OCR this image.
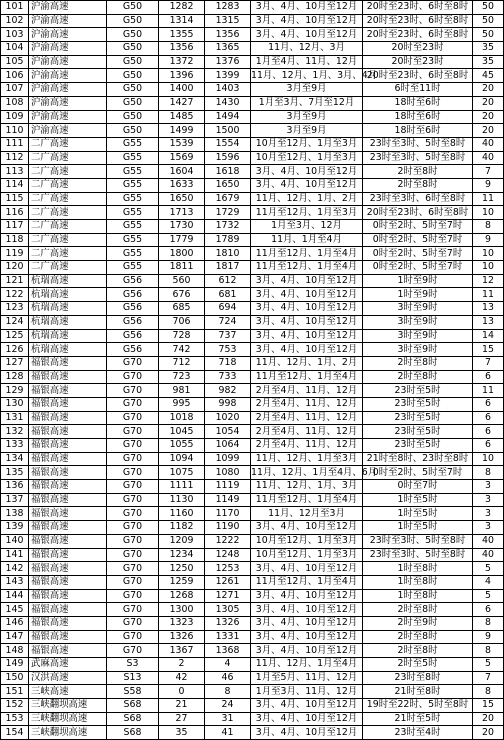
101	沪渝高速	G50	1282	1283	3月、4月、10月至12月	20时至23时、6时至8时	50
102	沪渝高速	G50	1314	1315	3月、4月、10月至12月	20时至23时、6时至8时	50
103	沪渝高速	G50	1355	1356	3月、4月、10月至12月	20时至23时、6时至8时	50
104	沪渝高速	G50	1356	1365	11月、12月、3月	20时至23时	35
105	沪渝高速	G50	1372	1376	1月至4月、11月、12月	20时至23时	35
106	沪渝高速	G50	1396	1399	11月、12月、1月、3月、4月	20时至23时、6时至8时	45
107	沪渝高速	G50	1400	1403	3月至9月	6时至11时	20
108	沪渝高速	G50	1427	1430	1月至3月、7月至12月	18时至6时	20
109	沪渝高速	G50	1485	1494	3月至9月	18时至6时	20
110	沪渝高速	G50	1499	1500	3月至9月	18时至6时	20
111	二广高速	G55	1539	1554	10月至12月、1月至3月	23时至3时、5时至8时	40
112	二广高速	G55	1569	1596	10月至12月、1月至3月	23时至3时、5时至8时	40
113	二广高速	G55	1604	1618	3月、4月、10月至12月	2时至8时	7
114	二广高速	G55	1633	1650	3月、4月、10月至12月	2时至8时	9
115	二广高速	G55	1650	1679	11月、12月、1月、2月	23时至3时、6时至8时	11
116	二广高速	G55	1713	1729	11月至12月、1月至3月	20时至23时、6时至8时	10
117	二广高速	G55	1730	1732	1月至3月、12月	0时至2时、5时至7时	8
118	二广高速	G55	1779	1789	11月、1月至4月	0时至2时、5时至7时	9
119	二广高速	G55	1800	1810	11月至12月、1月至4月	0时至2时、5时至7时	10
120	二广高速	G55	1811	1817	11月至12月、1月至4月	0时至2时、5时至7时	10
121	杭瑞高速	G56	560	612	3月、4月、10月至12月	1时至9时	12
122	杭瑞高速	G56	676	681	3月、4月、10月至12月	1时至9时	11
123	杭瑞高速	G56	685	694	3月、4月、10月至12月	3时至9时	13
124	杭瑞高速	G56	706	724	3月、4月、10月至12月	3时至9时	13
125	杭瑞高速	G56	728	737	3月、4月、10月至12月	3时至9时	14
126	杭瑞高速	G56	742	753	3月、4月、10月至12月	3时至9时	15
127	福银高速	G70	712	718	11月、12月、1月、2月	2时至8时	7
128	福银高速	G70	723	733	11月至12月、1月至4月	2时至8时	6
129	福银高速	G70	981	982	2月至4月、11月、12月	23时至5时	11
130	福银高速	G70	995	998	2月至4月、11月、12月	23时至5时	6
131	福银高速	G70	1018	1020	2月至4月、11月、12月	23时至5时	6
132	福银高速	G70	1045	1054	2月至4月、11月、12月	23时至5时	6
133	福银高速	G70	1055	1064	2月至4月、11月、12月	23时至5时	6
134	福银高速	G70	1094	1099	11月、12月、1月至3月	21时至8时、23时至8时	10
135	福银高速	G70	1075	1080	11月、12月、1月至4月、6月	0时至2时、5时至7时	8
136	福银高速	G70	1111	1119	11月、12月、1月、3月	0时至7时	3
137	福银高速	G70	1130	1149	11月至12月、1月至4月	1时至5时	3
138	福银高速	G70	1160	1170	11月、12月至3月	1时至5时	3
139	福银高速	G70	1182	1190	3月、4月、10月至12月	1时至5时	3
140	福银高速	G70	1209	1222	10月至12月、1月至3月	23时至3时、5时至8时	40
141	福银高速	G70	1234	1248	10月至12月、1月至3月	23时至3时、5时至8时	40
142	福银高速	G70	1250	1253	3月、4月、10月至12月	1时至8时	5
143	福银高速	G70	1259	1261	11月至12月、1月至4月	1时至8时	4
144	福银高速	G70	1268	1271	3月、4月、10月至12月	1时至8时	5
145	福银高速	G70	1300	1305	3月、4月、10月至12月	2时至8时	6
146	福银高速	G70	1323	1326	3月、4月、10月至12月	2时至9时	8
147	福银高速	G70	1326	1331	3月、4月、10月至12月	2时至8时	9
148	福银高速	G70	1367	1368	3月、4月、10月至12月	2时至8时	8
149	武麻高速	S3	2	4	11月、12月、1月至4月	2时至5时	5
150	汉洪高速	S13	42	46	1月至5月、11月、12月	23时至8时	7
151	三峡高速	S58	0	8	1月至3月、11月、12月	21时至8时	8
152	三峡翻坝高速	S68	21	24	3月、4月、10月至12月	19时至22时、5时至8时	15
153	三峡翻坝高速	S68	27	31	3月、4月、10月至12月	21时至5时	20
154	三峡翻坝高速	S68	35	41	3月、4月、10月至12月	23时至4时	20
